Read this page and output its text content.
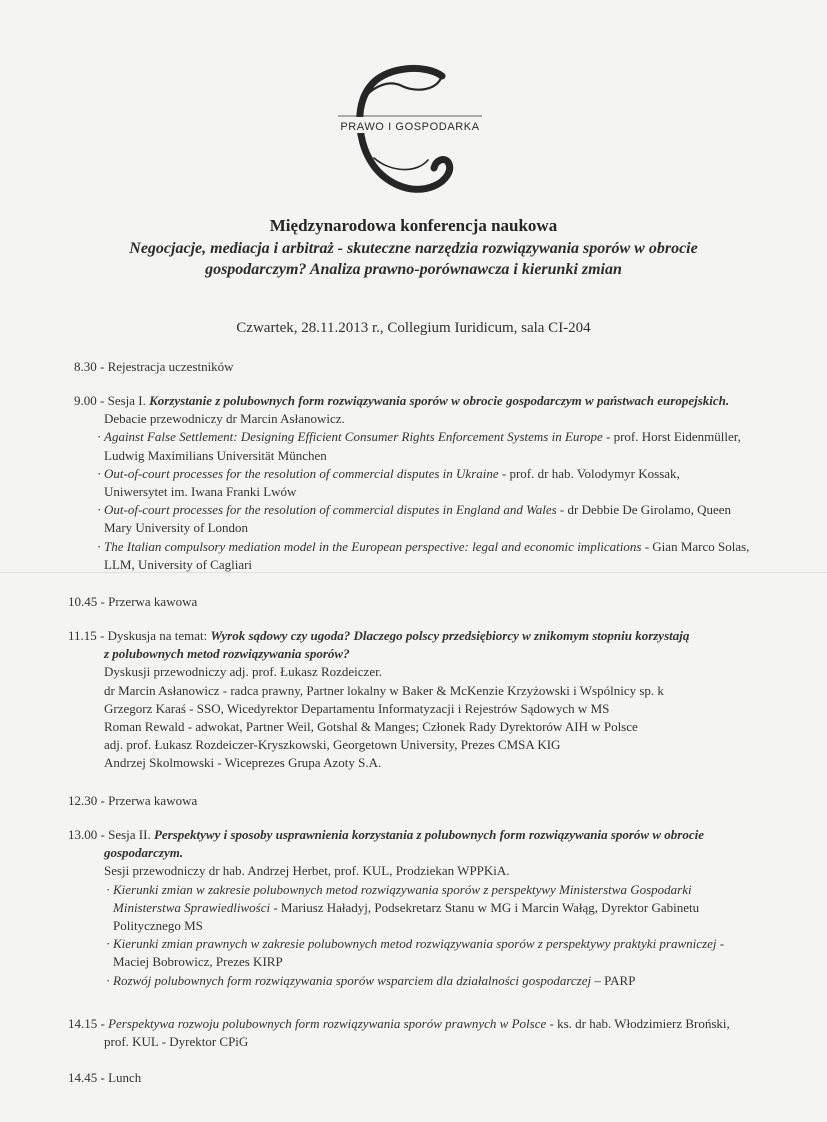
PRAWO I GOSPODARKA
Międzynarodowa konferencja naukowa
Negocjacje, mediacja i arbitraż - skuteczne narzędzia rozwiązywania sporów w obrocie
gospodarczym? Analiza prawno-porównawcza i kierunki zmian
Czwartek, 28.11.2013 r., Collegium Iuridicum, sala CI-204
8.30 - Rejestracja uczestników
9.00 - Sesja I. Korzystanie z polubownych form rozwiązywania sporów w obrocie gospodarczym w państwach europejskich.
Debacie przewodniczy dr Marcin Asłanowicz.
· Against False Settlement: Designing Efficient Consumer Rights Enforcement Systems in Europe - prof. Horst Eidenmüller,
Ludwig Maximilians Universität München
· Out-of-court processes for the resolution of commercial disputes in Ukraine - prof. dr hab. Volodymyr Kossak,
Uniwersytet im. Iwana Franki Lwów
· Out-of-court processes for the resolution of commercial disputes in England and Wales - dr Debbie De Girolamo, Queen
Mary University of London
· The Italian compulsory mediation model in the European perspective: legal and economic implications - Gian Marco Solas,
LLM, University of Cagliari
10.45 - Przerwa kawowa
11.15 - Dyskusja na temat: Wyrok sądowy czy ugoda? Dlaczego polscy przedsiębiorcy w znikomym stopniu korzystają
z polubownych metod rozwiązywania sporów?
Dyskusji przewodniczy adj. prof. Łukasz Rozdeiczer.
dr Marcin Asłanowicz - radca prawny, Partner lokalny w Baker & McKenzie Krzyżowski i Wspólnicy sp. k
Grzegorz Karaś - SSO, Wicedyrektor Departamentu Informatyzacji i Rejestrów Sądowych w MS
Roman Rewald - adwokat, Partner Weil, Gotshal & Manges; Członek Rady Dyrektorów AIH w Polsce
adj. prof. Łukasz Rozdeiczer-Kryszkowski, Georgetown University, Prezes CMSA KIG
Andrzej Skolmowski - Wiceprezes Grupa Azoty S.A.
12.30 - Przerwa kawowa
13.00 - Sesja II. Perspektywy i sposoby usprawnienia korzystania z polubownych form rozwiązywania sporów w obrocie
gospodarczym.
Sesji przewodniczy dr hab. Andrzej Herbet, prof. KUL, Prodziekan WPPKiA.
· Kierunki zmian w zakresie polubownych metod rozwiązywania sporów z perspektywy Ministerstwa Gospodarki
Ministerstwa Sprawiedliwości - Mariusz Haładyj, Podsekretarz Stanu w MG i Marcin Wałąg, Dyrektor Gabinetu
Politycznego MS
· Kierunki zmian prawnych w zakresie polubownych metod rozwiązywania sporów z perspektywy praktyki prawniczej -
Maciej Bobrowicz, Prezes KIRP
· Rozwój polubownych form rozwiązywania sporów wsparciem dla działalności gospodarczej – PARP
14.15 - Perspektywa rozwoju polubownych form rozwiązywania sporów prawnych w Polsce - ks. dr hab. Włodzimierz Broński,
prof. KUL - Dyrektor CPiG
14.45 - Lunch
